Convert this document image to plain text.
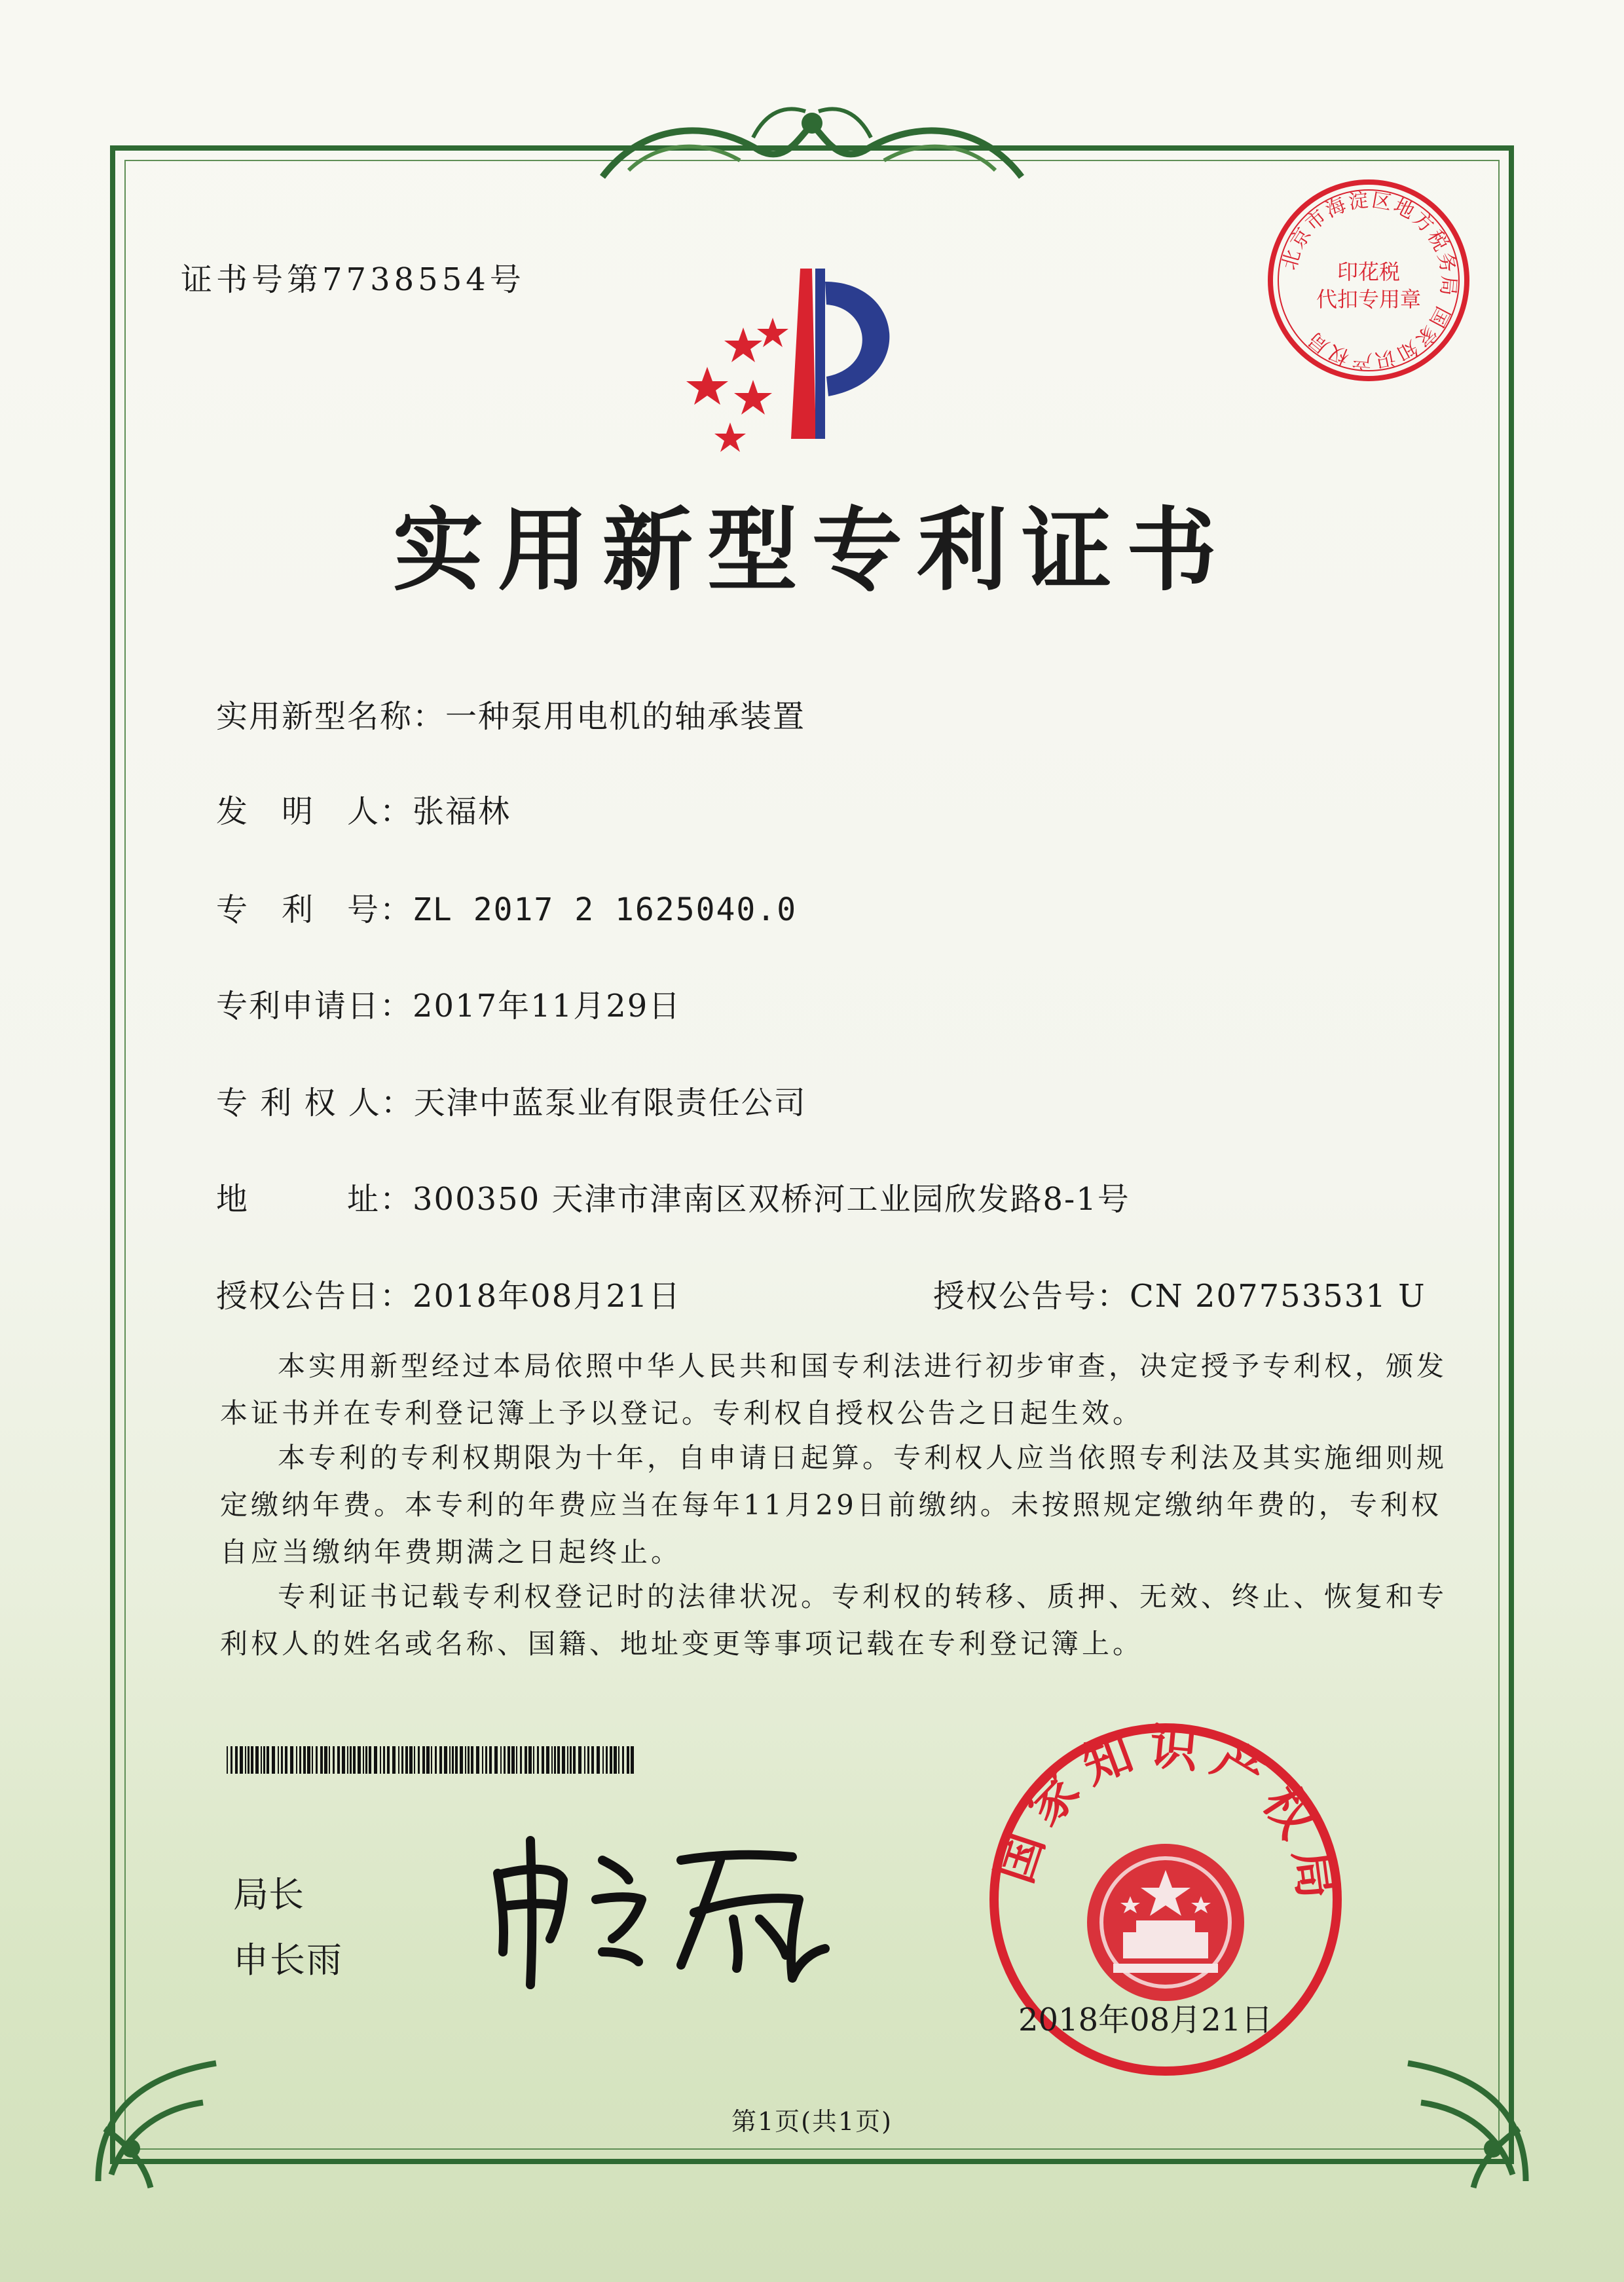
证书号第7738554号
实用新型专利证书
实用新型名称：一种泵用电机的轴承装置
发　明　人：张福林
专　利　号：ZL 2017 2 1625040.0
专利申请日：2017年11月29日
专 利 权 人：天津中蓝泵业有限责任公司
地　　　址：300350 天津市津南区双桥河工业园欣发路8-1号
授权公告日：2018年08月21日	授权公告号：CN 207753531 U
本实用新型经过本局依照中华人民共和国专利法进行初步审查，决定授予专利权，颁发
本证书并在专利登记簿上予以登记。专利权自授权公告之日起生效。
本专利的专利权期限为十年，自申请日起算。专利权人应当依照专利法及其实施细则规
定缴纳年费。本专利的年费应当在每年11月29日前缴纳。未按照规定缴纳年费的，专利权
自应当缴纳年费期满之日起终止。
专利证书记载专利权登记时的法律状况。专利权的转移、质押、无效、终止、恢复和专
利权人的姓名或名称、国籍、地址变更等事项记载在专利登记簿上。
北京市海淀区地方税务局 国家知识产权局
印花税
代扣专用章
局长
申长雨
国家知识产权局
2018年08月21日
第1页(共1页)
